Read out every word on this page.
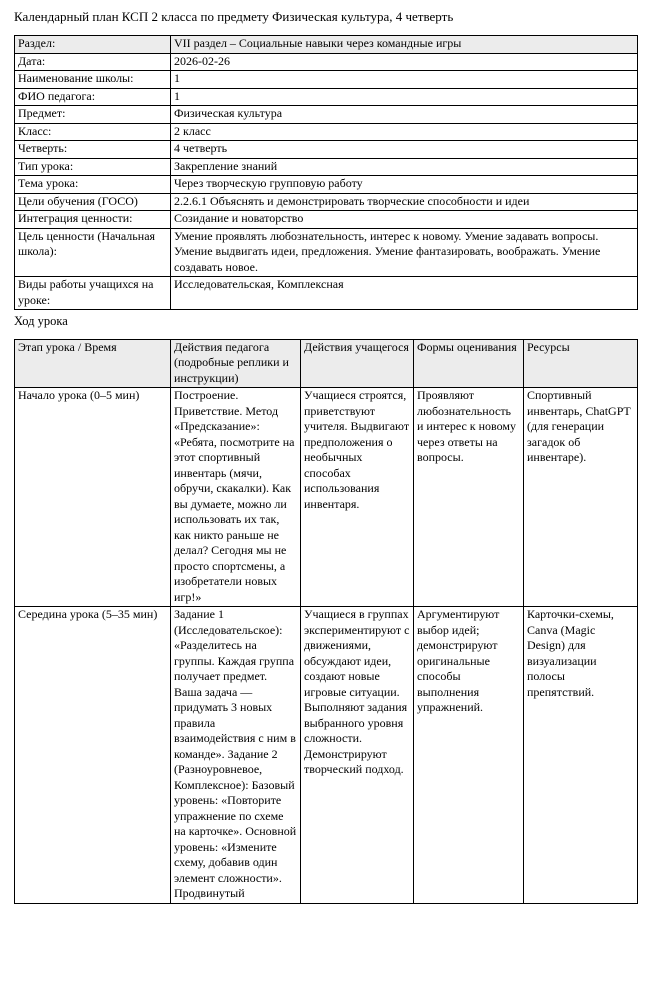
Календарный план КСП 2 класса по предмету Физическая культура, 4 четверть
Раздел:	VII раздел – Социальные навыки через командные игры
Дата:	2026-02-26
Наименование школы:	1
ФИО педагога:	1
Предмет:	Физическая культура
Класс:	2 класс
Четверть:	4 четверть
Тип урока:	Закрепление знаний
Тема урока:	Через творческую групповую работу
Цели обучения (ГОСО)	2.2.6.1 Объяснять и демонстрировать творческие способности и идеи
Интеграция ценности:	Созидание и новаторство
Цель ценности (Начальная школа):	Умение проявлять любознательность, интерес к новому. Умение задавать вопросы. Умение выдвигать идеи, предложения. Умение фантазировать, воображать. Умение создавать новое.
Виды работы учащихся на уроке:	Исследовательская, Комплексная
Ход урока
Этап урока / Время	Действия педагога (подробные реплики и инструкции)	Действия учащегося	Формы оценивания	Ресурсы
Начало урока (0–5 мин)	Построение. Приветствие. Метод «Предсказание»: «Ребята, посмотрите на этот спортивный инвентарь (мячи, обручи, скакалки). Как вы думаете, можно ли использовать их так, как никто раньше не делал? Сегодня мы не просто спортсмены, а изобретатели новых игр!»	Учащиеся строятся, приветствуют учителя. Выдвигают предположения о необычных способах использования инвентаря.	Проявляют любознательность и интерес к новому через ответы на вопросы.	Спортивный инвентарь, ChatGPT (для генерации загадок об инвентаре).
Середина урока (5–35 мин)	Задание 1 (Исследовательское): «Разделитесь на группы. Каждая группа получает предмет. Ваша задача — придумать 3 новых правила взаимодействия с ним в команде». Задание 2 (Разноуровневое, Комплексное): Базовый уровень: «Повторите упражнение по схеме на карточке». Основной уровень: «Измените схему, добавив один элемент сложности». Продвинутый	Учащиеся в группах экспериментируют с движениями, обсуждают идеи, создают новые игровые ситуации. Выполняют задания выбранного уровня сложности. Демонстрируют творческий подход.	Аргументируют выбор идей; демонстрируют оригинальные способы выполнения упражнений.	Карточки-схемы, Canva (Magic Design) для визуализации полосы препятствий.
